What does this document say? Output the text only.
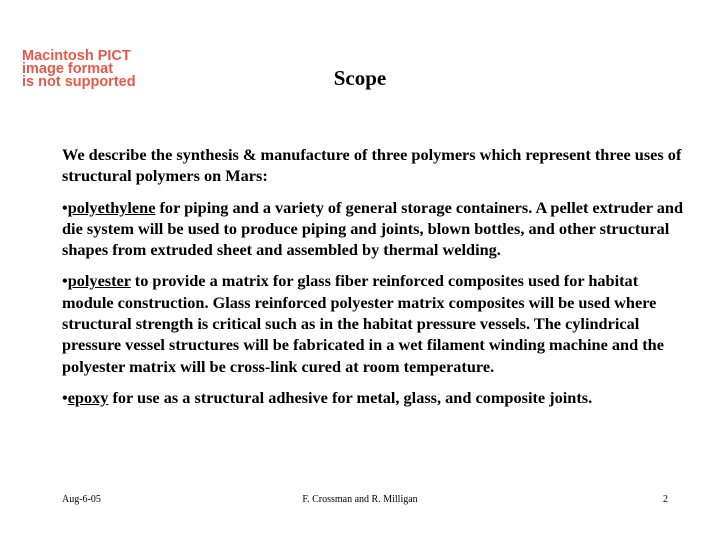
Macintosh PICT
image format
is not supported	Scope

We describe the synthesis & manufacture of three polymers which represent three uses of structural polymers on Mars:

•polyethylene for piping and a variety of general storage containers. A pellet extruder and die system will be used to produce piping and joints, blown bottles, and other structural shapes from extruded sheet and assembled by thermal welding.

•polyester to provide a matrix for glass fiber reinforced composites used for habitat module construction. Glass reinforced polyester matrix composites will be used where structural strength is critical such as in the habitat pressure vessels. The cylindrical pressure vessel structures will be fabricated in a wet filament winding machine and the polyester matrix will be cross-link cured at room temperature.

•epoxy for use as a structural adhesive for metal, glass, and composite joints.

Aug-6-05	F. Crossman and R. Milligan	2
